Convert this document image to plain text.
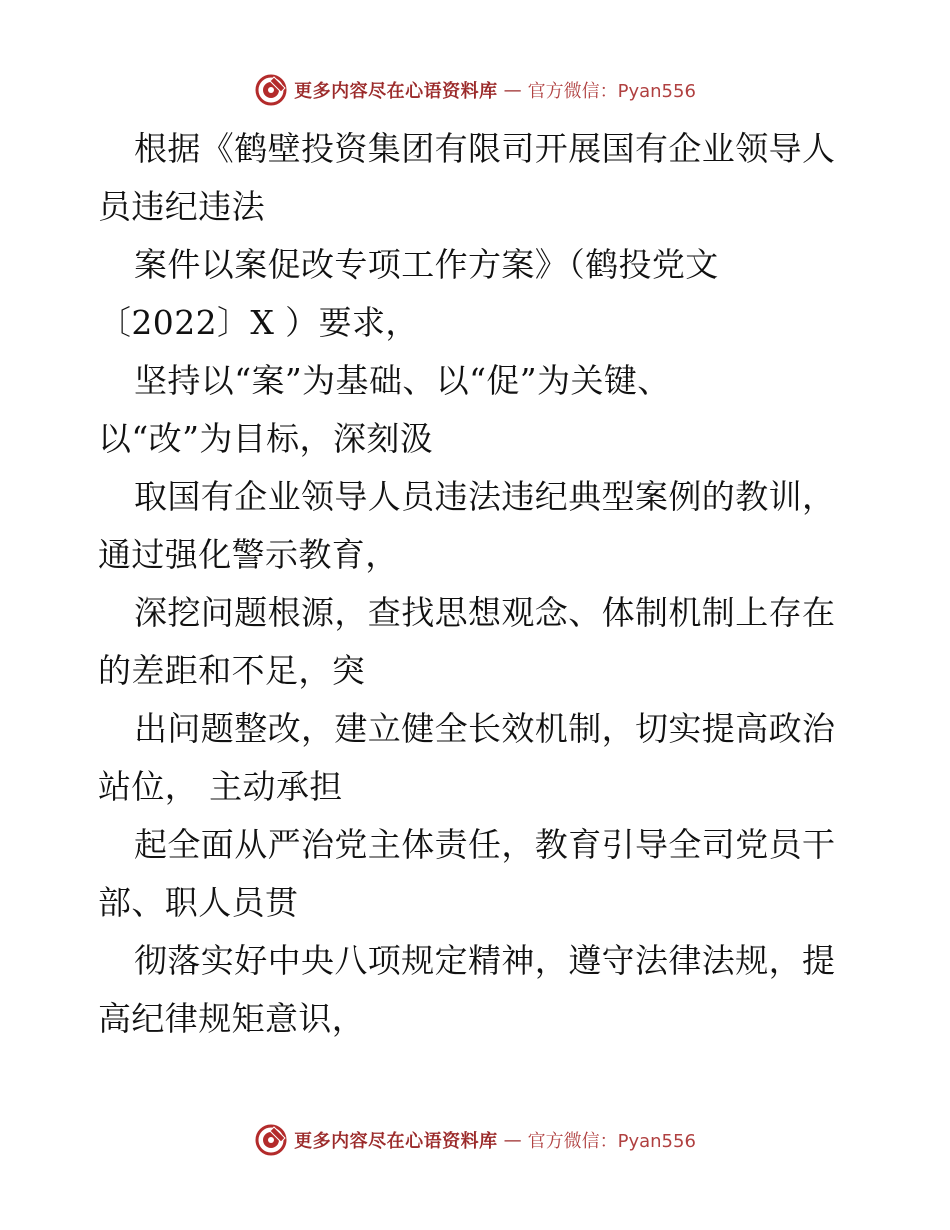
更多内容尽在心语资料库 — 官方微信：Pyan556
根据《鹤壁投资集团有限司开展国有企业领导人
员违纪违法
案件以案促改专项工作方案》（鹤投党文
〔2022〕X ）要求，
坚持以“案”为基础、以“促”为关键、
以“改”为目标，深刻汲
取国有企业领导人员违法违纪典型案例的教训，
通过强化警示教育，
深挖问题根源，查找思想观念、体制机制上存在
的差距和不足，突
出问题整改，建立健全长效机制，切实提高政治
站位， 主动承担
起全面从严治党主体责任，教育引导全司党员干
部、职人员贯
彻落实好中央八项规定精神，遵守法律法规，提
高纪律规矩意识，
更多内容尽在心语资料库 — 官方微信：Pyan556
